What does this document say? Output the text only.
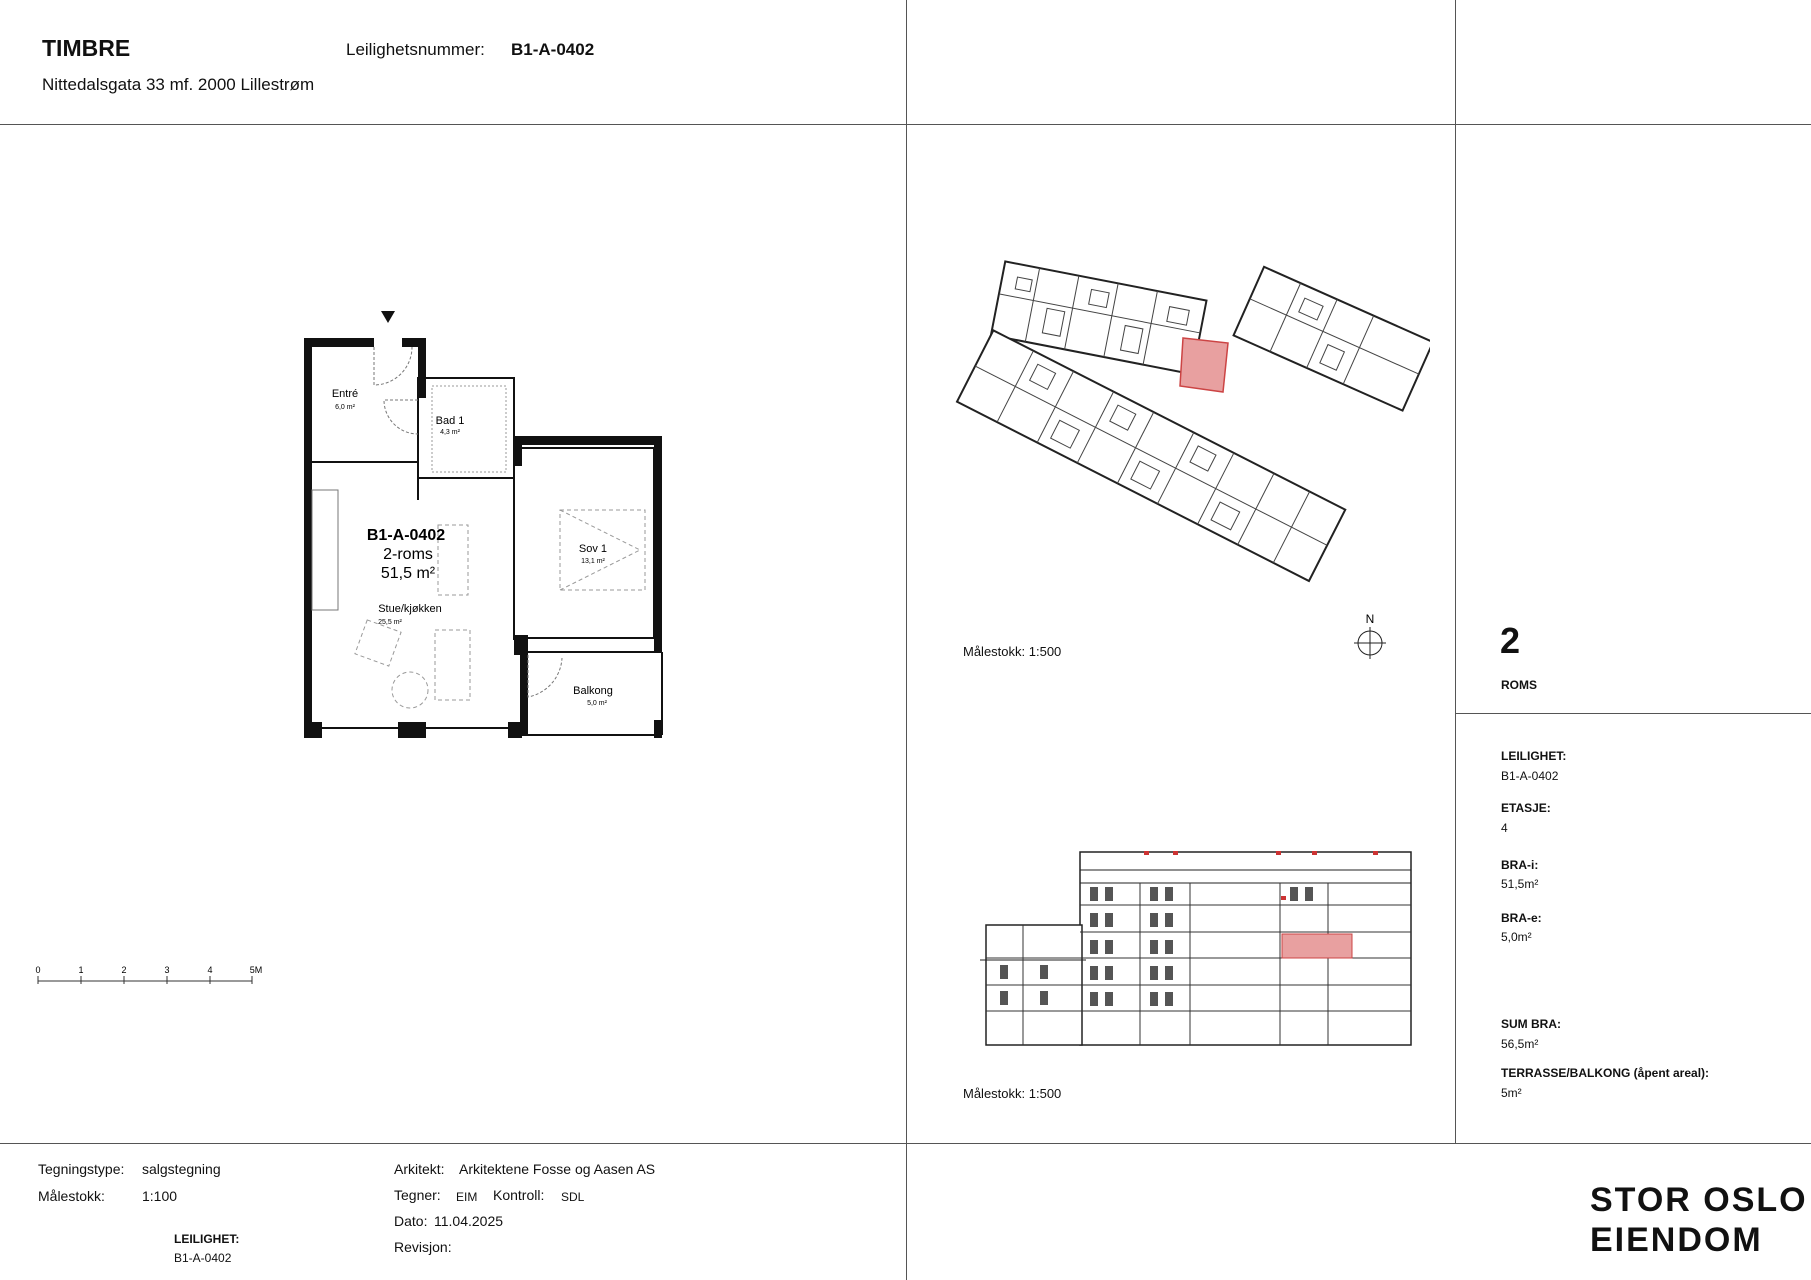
TIMBRE
Nittedalsgata 33 mf. 2000 Lillestrøm
Leilighetsnummer: B1-A-0402
Entré
6,0 m²
Bad 1
4,3 m²
Sov 1
13,1 m²
Stue/kjøkken
25,5 m²
Balkong
5,0 m²
B1-A-0402
2-roms
51,5 m²
0	1	2	3	4	5M
N
Målestokk: 1:500
Målestokk: 1:500
2
ROMS
LEILIGHET:
B1-A-0402
ETASJE:
4
BRA-i:
51,5m²
BRA-e:
5,0m²
SUM BRA:
56,5m²
TERRASSE/BALKONG (åpent areal):
5m²
Tegningstype: salgstegning
Målestokk:	1:100
LEILIGHET:
B1-A-0402
Arkitekt: Arkitektene Fosse og Aasen AS
Tegner: EIM Kontroll: SDL
Dato: 11.04.2025
Revisjon:
STOR OSLO
EIENDOM
